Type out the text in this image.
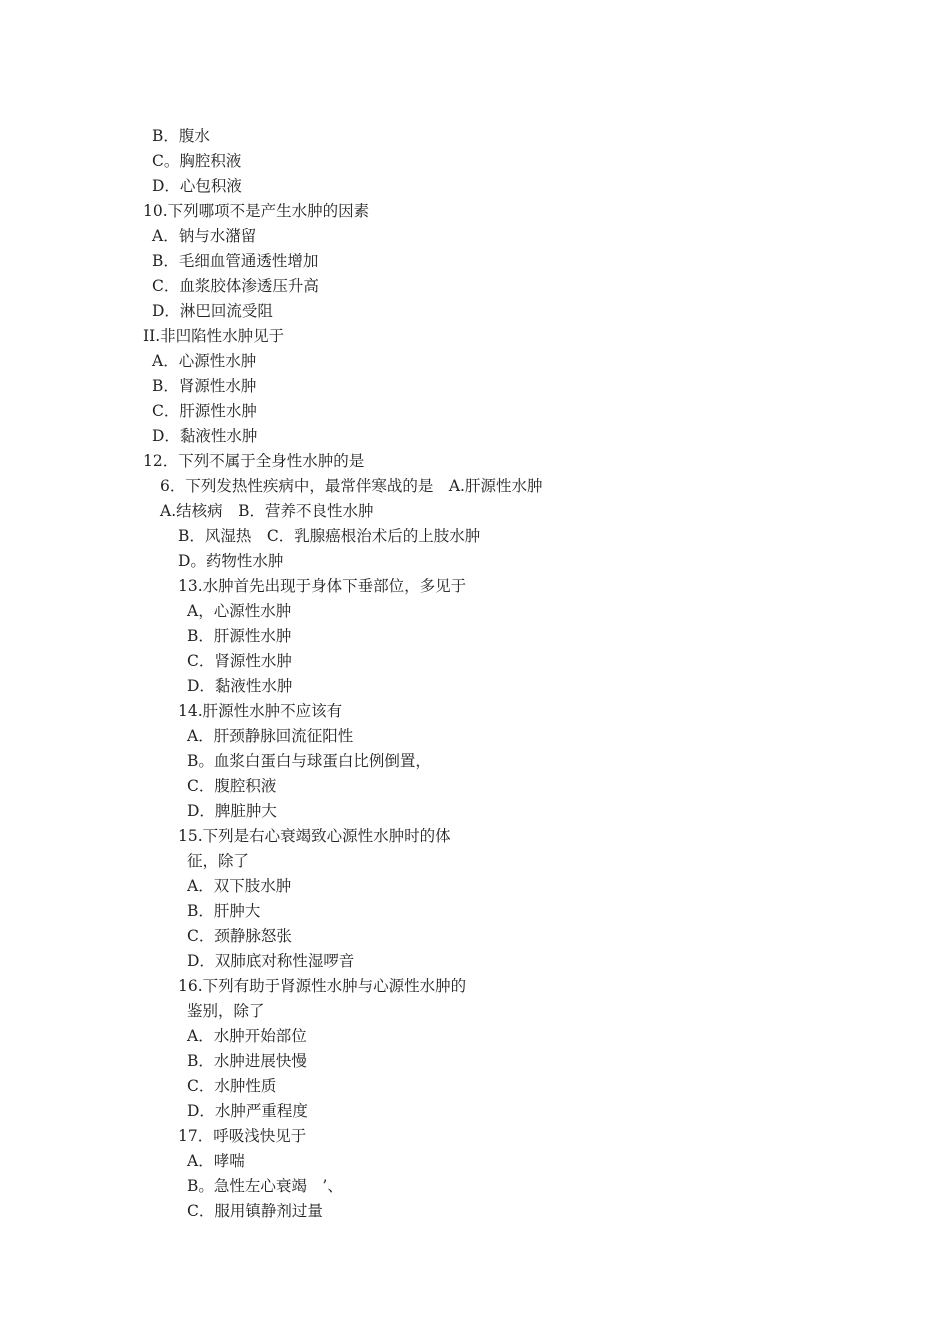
B．腹水
C。胸腔积液
D．心包积液
10.下列哪项不是产生水肿的因素
A．钠与水潴留
B．毛细血管通透性增加
C．血浆胶体渗透压升高
D．淋巴回流受阻
II.非凹陷性水肿见于
A．心源性水肿
B．肾源性水肿
C．肝源性水肿
D．黏液性水肿
12．下列不属于全身性水肿的是
6．下列发热性疾病中，最常伴寒战的是　A.肝源性水肿
A.结核病　B．营养不良性水肿
B．风湿热　C．乳腺癌根治术后的上肢水肿
D。药物性水肿
13.水肿首先出现于身体下垂部位，多见于
A，心源性水肿
B．肝源性水肿
C．肾源性水肿
D．黏液性水肿
14.肝源性水肿不应该有
A．肝颈静脉回流征阳性
B。血浆白蛋白与球蛋白比例倒置，
C．腹腔积液
D．脾脏肿大
15.下列是右心衰竭致心源性水肿时的体
征，除了
A．双下肢水肿
B．肝肿大
C．颈静脉怒张
D．双肺底对称性湿啰音
16.下列有助于肾源性水肿与心源性水肿的
鉴别，除了
A．水肿开始部位
B．水肿进展快慢
C．水肿性质
D．水肿严重程度
17．呼吸浅快见于
A．哮喘
B。急性左心衰竭　’、
C．服用镇静剂过量
